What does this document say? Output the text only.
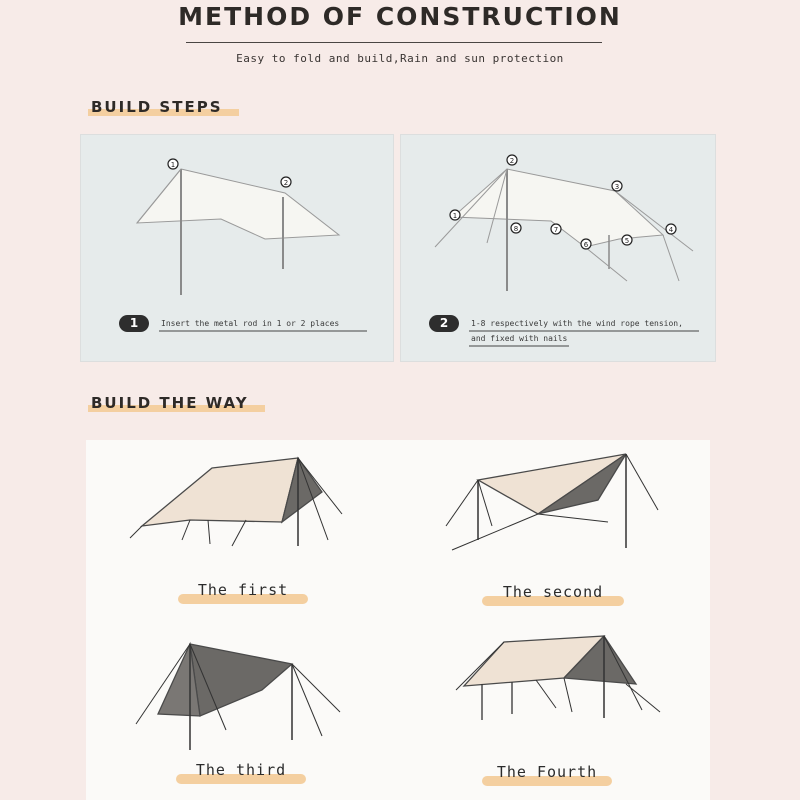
METHOD OF CONSTRUCTION
Easy to fold and build,Rain and sun protection
BUILD STEPS
1
2
1	Insert the metal rod in 1 or 2 places
1
2
3
4
5
6
7
8
2	1-8 respectively with the wind rope tension,
and fixed with nails
BUILD THE WAY
The first	The second
The third	The Fourth
